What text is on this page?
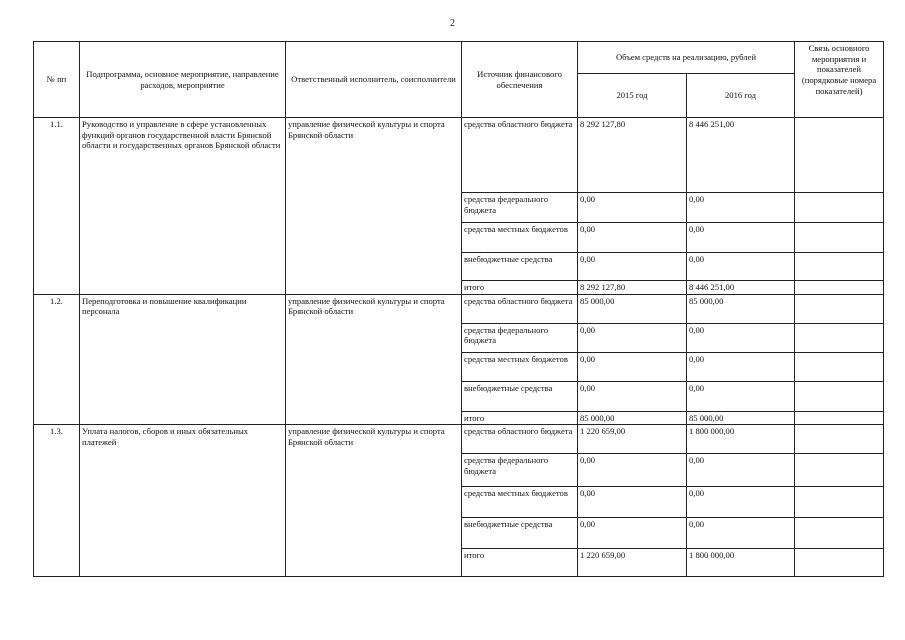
2
№ пп	Подпрограмма, основное мероприятие, направление расходов, мероприятие	Ответственный исполнитель, соисполнители	Источник финансового обеспечения	Объем средств на реализацию, рублей		Связь основного мероприятия и показателей (порядковые номера показателей)
				2015 год	2016 год	
1.1.	Руководство и управление в сфере установленных функций органов государственной власти Брянской области и государственных органов Брянской области	управление физической культуры и спорта Брянской области	средства областного бюджета	8 292 127,80	8 446 251,00	
			средства федерального бюджета	0,00	0,00	
			средства местных бюджетов	0,00	0,00	
			внебюджетные средства	0,00	0,00	
			итого	8 292 127,80	8 446 251,00	
1.2.	Переподготовка и повышение квалификации персонала	управление физической культуры и спорта Брянской области	средства областного бюджета	85 000,00	85 000,00	
			средства федерального бюджета	0,00	0,00	
			средства местных бюджетов	0,00	0,00	
			внебюджетные средства	0,00	0,00	
			итого	85 000,00	85 000,00	
1.3.	Уплата налогов, сборов и иных обязательных платежей	управление физической культуры и спорта Брянской области	средства областного бюджета	1 220 659,00	1 800 000,00	
			средства федерального бюджета	0,00	0,00	
			средства местных бюджетов	0,00	0,00	
			внебюджетные средства	0,00	0,00	
			итого	1 220 659,00	1 800 000,00	
